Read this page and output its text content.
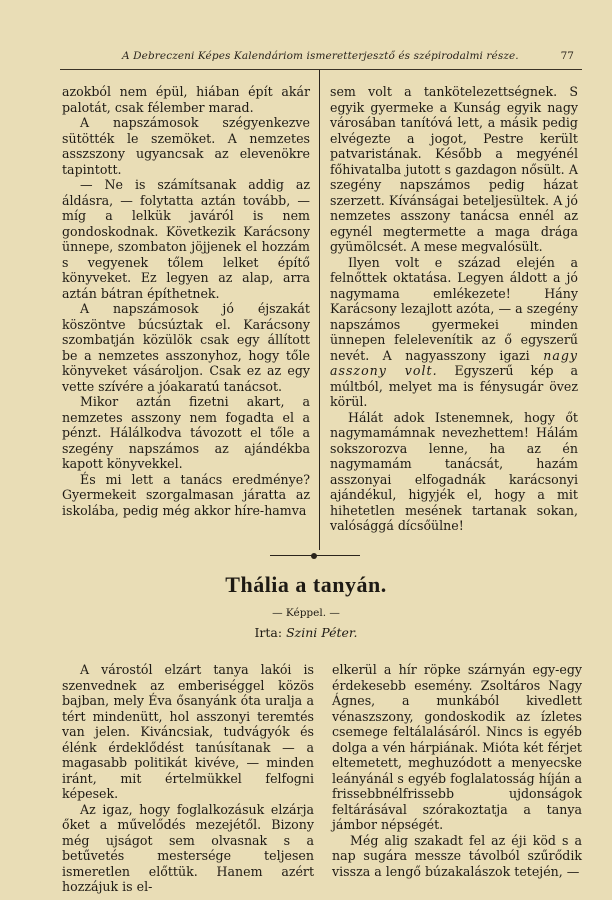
A Debreczeni Képes Kalendáriom ismeretterjesztő és szépirodalmi része.	77

azokból nem épül, hiában épít akár palotát, csak félember marad.

A napszámosok szégyenkezve sütötték le szemöket. A nemzetes asszszony ugyancsak az elevenökre tapintott.

— Ne is számítsanak addig az áldásra, — folytatta aztán tovább, — míg a lelkük javáról is nem gondoskodnak. Következik Karácsony ünnepe, szombaton jöjjenek el hozzám s vegyenek tőlem lelket építő könyveket. Ez legyen az alap, arra aztán bátran építhetnek.

A napszámosok jó éjszakát köszöntve búcsúztak el. Karácsony szombatján közülök csak egy állított be a nemzetes asszonyhoz, hogy tőle könyveket vásároljon. Csak ez az egy vette szívére a jóakaratú tanácsot.

Mikor aztán fizetni akart, a nemzetes asszony nem fogadta el a pénzt. Hálálkodva távozott el tőle a szegény napszámos az ajándékba kapott könyvekkel.

És mi lett a tanács eredménye? Gyermekeit szorgalmasan járatta az iskolába, pedig még akkor híre-hamva

sem volt a tankötelezettségnek. S egyik gyermeke a Kunság egyik nagy városában tanítóvá lett, a másik pedig elvégezte a jogot, Pestre került patvaristának. Később a megyénél főhivatalba jutott s gazdagon nősült. A szegény napszámos pedig házat szerzett. Kívánságai beteljesültek. A jó nemzetes asszony tanácsa ennél az egynél megtermette a maga drága gyümölcsét. A mese megvalósült.

Ilyen volt e század elején a felnőttek oktatása. Legyen áldott a jó nagymama emlékezete! Hány Karácsony lezajlott azóta, — a szegény napszámos gyermekei minden ünnepen felelevenítik az ő egyszerű nevét. A nagyasszony igazi nagy asszony volt. Egyszerű kép a múltból, melyet ma is fénysugár övez körül.

Hálát adok Istenemnek, hogy őt nagymamámnak nevezhettem! Hálám sokszorozva lenne, ha az én nagymamám tanácsát, hazám asszonyai elfogadnák karácsonyi ajándékul, higyjék el, hogy a mit hihetetlen mesének tartanak sokan, valósággá dícsőülne!

Thália a tanyán.
— Képpel. —
Irta: Szini Péter.

A várostól elzárt tanya lakói is szenvednek az emberiséggel közös bajban, mely Éva ősanyánk óta uralja a tért mindenütt, hol asszonyi teremtés van jelen. Kiváncsiak, tudvágyók és élénk érdeklődést tanúsítanak — a magasabb politikát kivéve, — minden iránt, mit értelmükkel felfogni képesek.

Az igaz, hogy foglalkozásuk elzárja őket a művelődés mezejétől. Bizony még ujságot sem olvasnak s a betűvetés mestersége teljesen ismeretlen előttük. Hanem azért hozzájuk is el-

elkerül a hír röpke szárnyán egy-egy érdekesebb esemény. Zsoltáros Nagy Ágnes, a munkából kivedlett vénaszszony, gondoskodik az ízletes csemege feltálalásáról. Nincs is egyéb dolga a vén hárpiának. Mióta két férjet eltemetett, meghuzódott a menyecske leányánál s egyéb foglalatosság híján a frissebbnélfrissebb ujdonságok feltárásával szórakoztatja a tanya jámbor népségét.

Még alig szakadt fel az éji köd s a nap sugára messze távolból szűrődik vissza a lengő búzakalászok tetején, —
